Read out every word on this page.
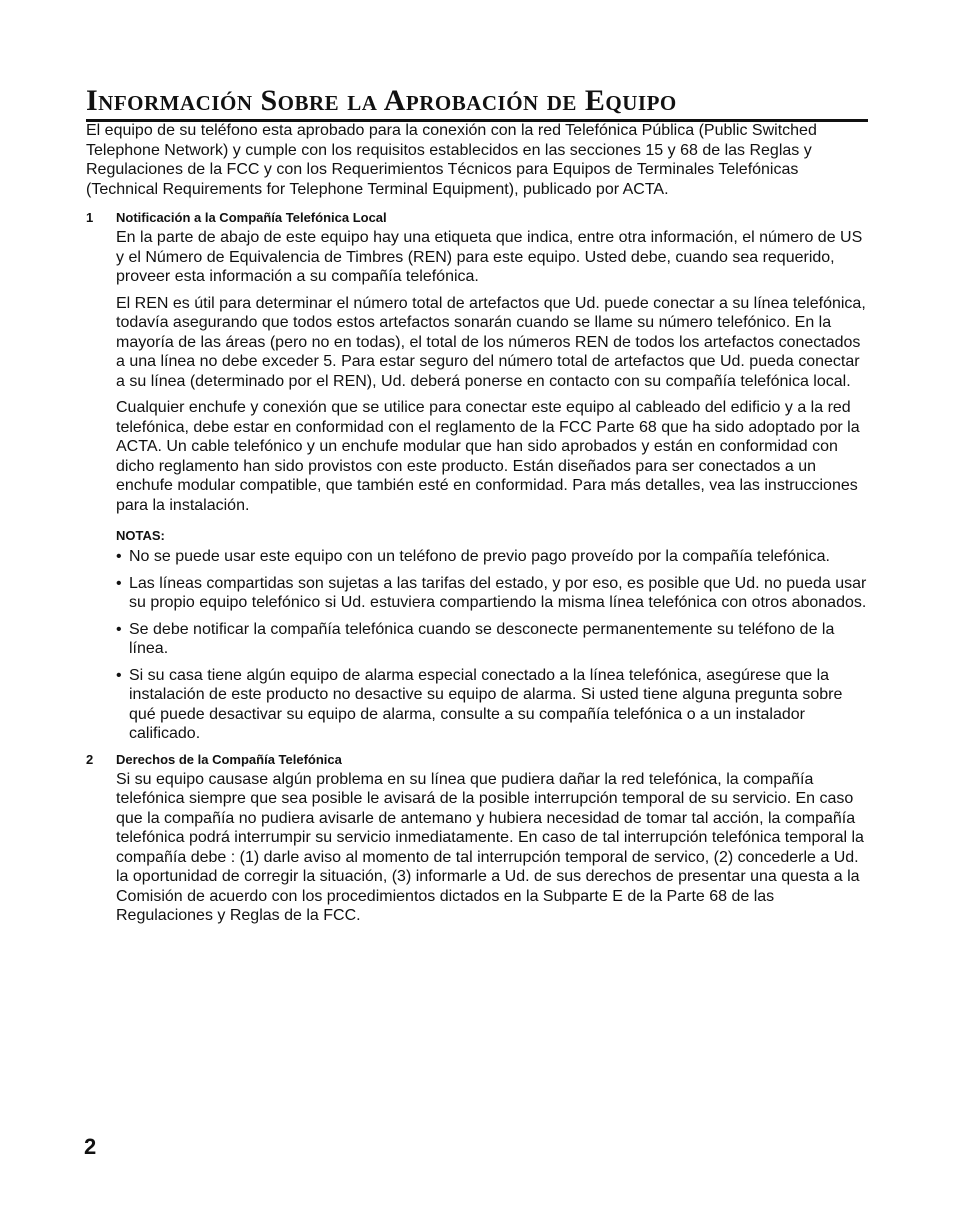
Información Sobre la Aprobación de Equipo

El equipo de su teléfono esta aprobado para la conexión con la red Telefónica Pública (Public Switched Telephone Network) y cumple con los requisitos establecidos en las secciones 15 y 68 de las Reglas y Regulaciones de la FCC y con los Requerimientos Técnicos para Equipos de Terminales Telefónicas (Technical Requirements for Telephone Terminal Equipment), publicado por ACTA.

1	Notificación a la Compañía Telefónica Local

En la parte de abajo de este equipo hay una etiqueta que indica, entre otra información, el número de US y el Número de Equivalencia de Timbres (REN) para este equipo. Usted debe, cuando sea requerido, proveer esta información a su compañía telefónica.

El REN es útil para determinar el número total de artefactos que Ud. puede conectar a su línea telefónica, todavía asegurando que todos estos artefactos sonarán cuando se llame su número telefónico. En la mayoría de las áreas (pero no en todas), el total de los números REN de todos los artefactos conectados a una línea no debe exceder 5. Para estar seguro del número total de artefactos que Ud. pueda conectar a su línea (determinado por el REN), Ud. deberá ponerse en contacto con su compañía telefónica local.

Cualquier enchufe y conexión que se utilice para conectar este equipo al cableado del edificio y a la red telefónica, debe estar en conformidad con el reglamento de la FCC Parte 68 que ha sido adoptado por la ACTA. Un cable telefónico y un enchufe modular que han sido aprobados y están en conformidad con dicho reglamento han sido provistos con este producto. Están diseñados para ser conectados a un enchufe modular compatible, que también esté en conformidad. Para más detalles, vea las instrucciones para la instalación.

NOTAS:
• No se puede usar este equipo con un teléfono de previo pago proveído por la compañía telefónica.
• Las líneas compartidas son sujetas a las tarifas del estado, y por eso, es posible que Ud. no pueda usar su propio equipo telefónico si Ud. estuviera compartiendo la misma línea telefónica con otros abonados.
• Se debe notificar la compañía telefónica cuando se desconecte permanentemente su teléfono de la línea.
• Si su casa tiene algún equipo de alarma especial conectado a la línea telefónica, asegúrese que la instalación de este producto no desactive su equipo de alarma. Si usted tiene alguna pregunta sobre qué puede desactivar su equipo de alarma, consulte a su compañía telefónica o a un instalador calificado.
2	Derechos de la Compañía Telefónica

Si su equipo causase algún problema en su línea que pudiera dañar la red telefónica, la compañía telefónica siempre que sea posible le avisará de la posible interrupción temporal de su servicio. En caso que la compañía no pudiera avisarle de antemano y hubiera necesidad de tomar tal acción, la compañía telefónica podrá interrumpir su servicio inmediatamente. En caso de tal interrupción telefónica temporal la compañía debe : (1) darle aviso al momento de tal interrupción temporal de servico, (2) concederle a Ud. la oportunidad de corregir la situación, (3) informarle a Ud. de sus derechos de presentar una questa a la Comisión de acuerdo con los procedimientos dictados en la Subparte E de la Parte 68 de las Regulaciones y Reglas de la FCC.

2
